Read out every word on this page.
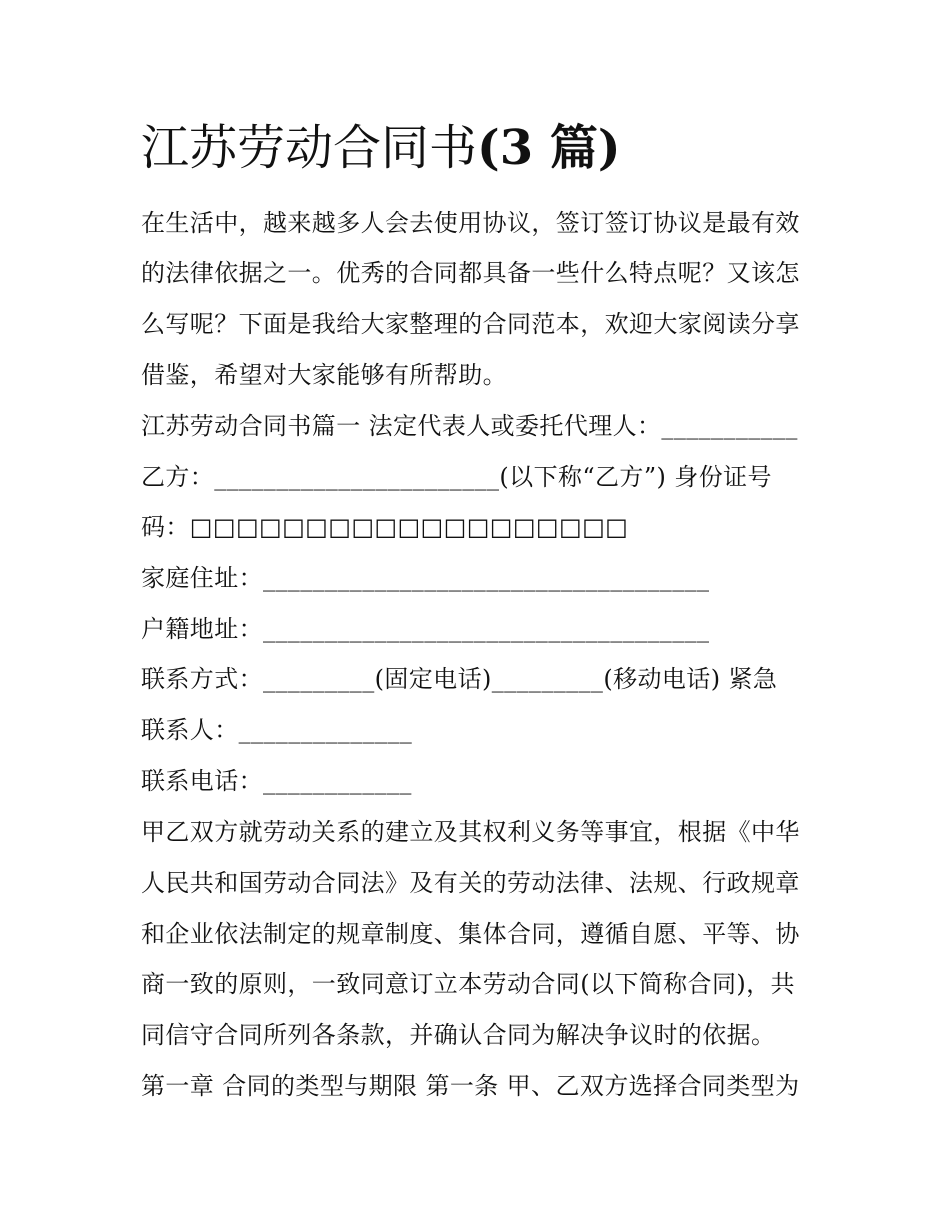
江苏劳动合同书(3 篇)
在生活中，越来越多人会去使用协议，签订签订协议是最有效
的法律依据之一。优秀的合同都具备一些什么特点呢？又该怎
么写呢？下面是我给大家整理的合同范本，欢迎大家阅读分享
借鉴，希望对大家能够有所帮助。
江苏劳动合同书篇一 法定代表人或委托代理人：___________
乙方：_______________________(以下称“乙方”) 身份证号
码：□□□□□□□□□□□□□□□□□□□
家庭住址：____________________________________
户籍地址：____________________________________
联系方式：_________(固定电话)_________(移动电话) 紧急
联系人：______________
联系电话：____________
甲乙双方就劳动关系的建立及其权利义务等事宜，根据《中华
人民共和国劳动合同法》及有关的劳动法律、法规、行政规章
和企业依法制定的规章制度、集体合同，遵循自愿、平等、协
商一致的原则，一致同意订立本劳动合同(以下简称合同)，共
同信守合同所列各条款，并确认合同为解决争议时的依据。
第一章 合同的类型与期限 第一条 甲、乙双方选择合同类型为
